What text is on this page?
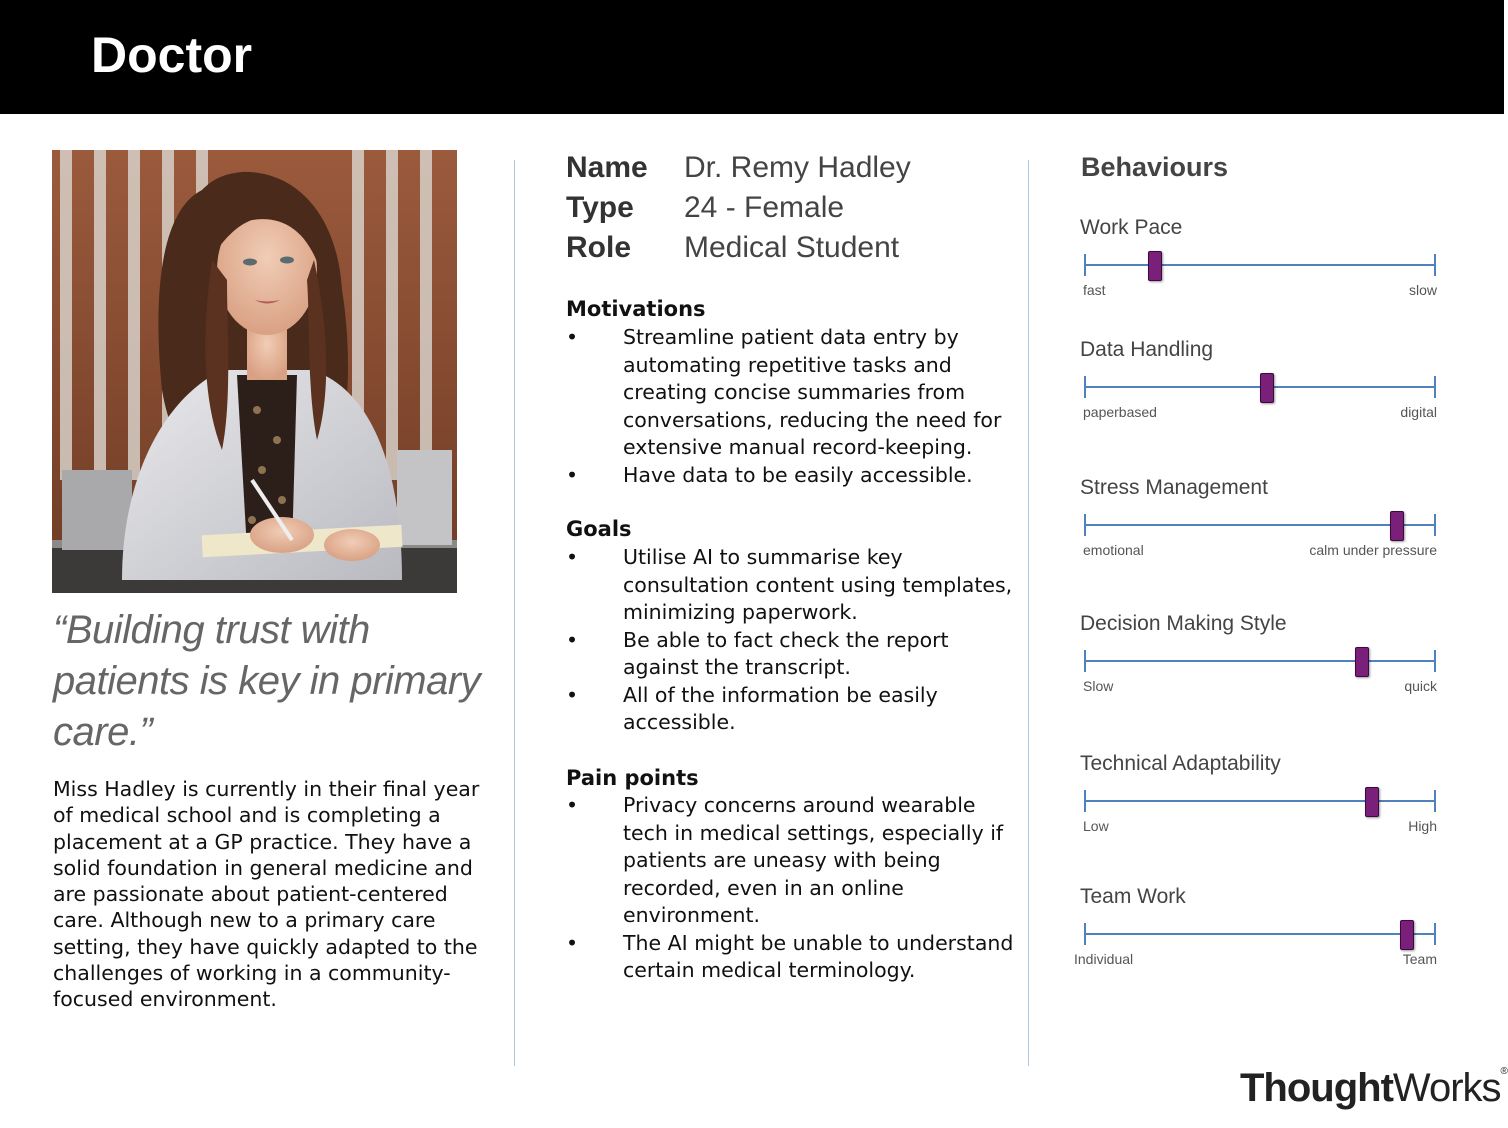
Doctor
“Building trust with patients is key in primary care.”
Miss Hadley is currently in their final year of medical school and is completing a placement at a GP practice. They have a solid foundation in general medicine and are passionate about patient-centered care. Although new to a primary care setting, they have quickly adapted to the challenges of working in a community-focused environment.
Name	Dr. Remy Hadley
Type	24 - Female
Role	Medical Student
Motivations
• Streamline patient data entry by automating repetitive tasks and creating concise summaries from conversations, reducing the need for extensive manual record-keeping.
• Have data to be easily accessible.
Goals
• Utilise AI to summarise key consultation content using templates, minimizing paperwork.
• Be able to fact check the report against the transcript.
• All of the information be easily accessible.
Pain points
• Privacy concerns around wearable tech in medical settings, especially if patients are uneasy with being recorded, even in an online environment.
• The AI might be unable to understand certain medical terminology.
Behaviours
Work Pace
fast	slow
Data Handling
paperbased	digital
Stress Management
emotional	calm under pressure
Decision Making Style
Slow	quick
Technical Adaptability
Low	High
Team Work
Individual	Team
ThoughtWorks®
